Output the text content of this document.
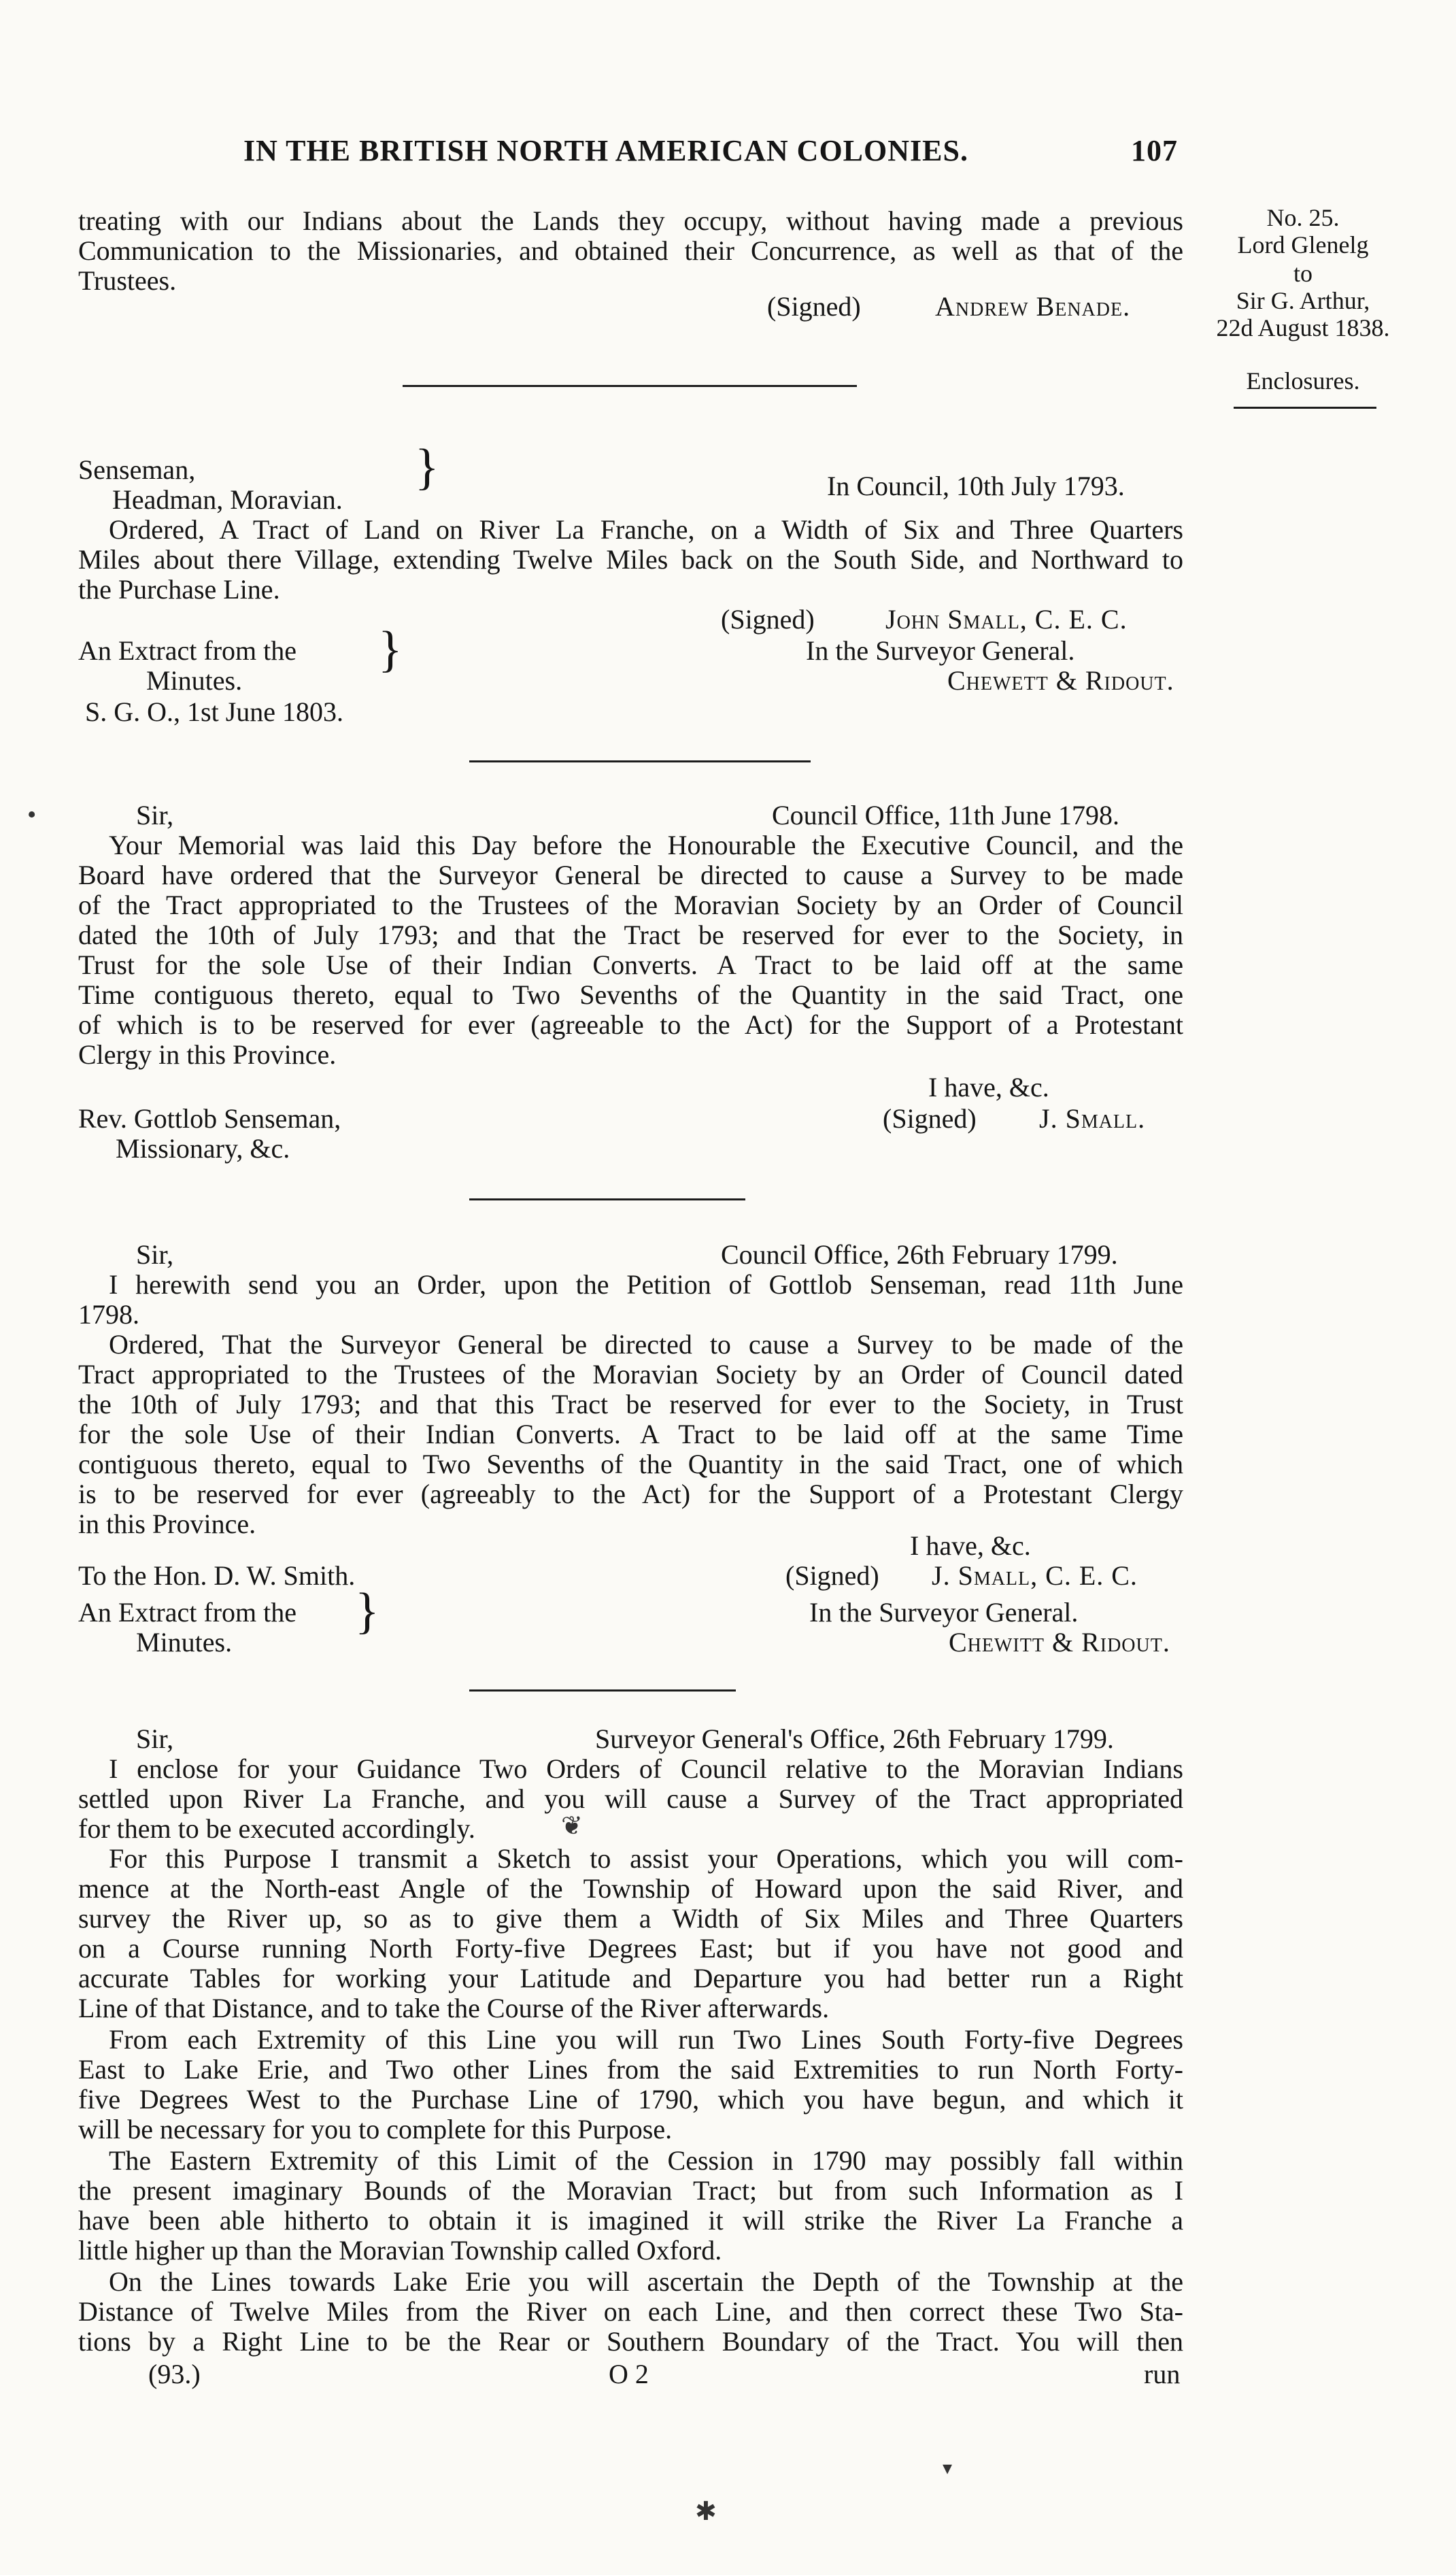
IN THE BRITISH NORTH AMERICAN COLONIES.	107
No. 25.
Lord Glenelg
to
Sir G. Arthur,
22d August 1838.
Enclosures.
treating with our Indians about the Lands they occupy, without having made a previous
Communication to the Missionaries, and obtained their Concurrence, as well as that of the
Trustees.
(Signed)	Andrew Benade.
Senseman,
Headman, Moravian.
}	In Council, 10th July 1793.
Ordered, A Tract of Land on River La Franche, on a Width of Six and Three Quarters
Miles about there Village, extending Twelve Miles back on the South Side, and Northward to
the Purchase Line.
(Signed)	John Small, C. E. C.
An Extract from the
Minutes.
}	In the Surveyor General.
Chewett & Ridout.
S. G. O., 1st June 1803.
•	Sir,	Council Office, 11th June 1798.
Your Memorial was laid this Day before the Honourable the Executive Council, and the
Board have ordered that the Surveyor General be directed to cause a Survey to be made
of the Tract appropriated to the Trustees of the Moravian Society by an Order of Council
dated the 10th of July 1793; and that the Tract be reserved for ever to the Society, in
Trust for the sole Use of their Indian Converts. A Tract to be laid off at the same
Time contiguous thereto, equal to Two Sevenths of the Quantity in the said Tract, one
of which is to be reserved for ever (agreeable to the Act) for the Support of a Protestant
Clergy in this Province.
I have, &c.
Rev. Gottlob Senseman,
Missionary, &c.
(Signed) J. Small.
Sir,	Council Office, 26th February 1799.
I herewith send you an Order, upon the Petition of Gottlob Senseman, read 11th June
1798.
Ordered, That the Surveyor General be directed to cause a Survey to be made of the
Tract appropriated to the Trustees of the Moravian Society by an Order of Council dated
the 10th of July 1793; and that this Tract be reserved for ever to the Society, in Trust
for the sole Use of their Indian Converts. A Tract to be laid off at the same Time
contiguous thereto, equal to Two Sevenths of the Quantity in the said Tract, one of which
is to be reserved for ever (agreeably to the Act) for the Support of a Protestant Clergy
in this Province.
I have, &c.
To the Hon. D. W. Smith.	(Signed) J. Small, C. E. C.
An Extract from the
Minutes.
}	In the Surveyor General.
Chewitt & Ridout.
Sir,	Surveyor General's Office, 26th February 1799.
I enclose for your Guidance Two Orders of Council relative to the Moravian Indians
settled upon River La Franche, and you will cause a Survey of the Tract appropriated
for them to be executed accordingly.	❦
For this Purpose I transmit a Sketch to assist your Operations, which you will com-
mence at the North-east Angle of the Township of Howard upon the said River, and
survey the River up, so as to give them a Width of Six Miles and Three Quarters
on a Course running North Forty-five Degrees East; but if you have not good and
accurate Tables for working your Latitude and Departure you had better run a Right
Line of that Distance, and to take the Course of the River afterwards.
From each Extremity of this Line you will run Two Lines South Forty-five Degrees
East to Lake Erie, and Two other Lines from the said Extremities to run North Forty-
five Degrees West to the Purchase Line of 1790, which you have begun, and which it
will be necessary for you to complete for this Purpose.
The Eastern Extremity of this Limit of the Cession in 1790 may possibly fall within
the present imaginary Bounds of the Moravian Tract; but from such Information as I
have been able hitherto to obtain it is imagined it will strike the River La Franche a
little higher up than the Moravian Township called Oxford.
On the Lines towards Lake Erie you will ascertain the Depth of the Township at the
Distance of Twelve Miles from the River on each Line, and then correct these Two Sta-
tions by a Right Line to be the Rear or Southern Boundary of the Tract. You will then
(93.)	O 2	run
✱
▾
